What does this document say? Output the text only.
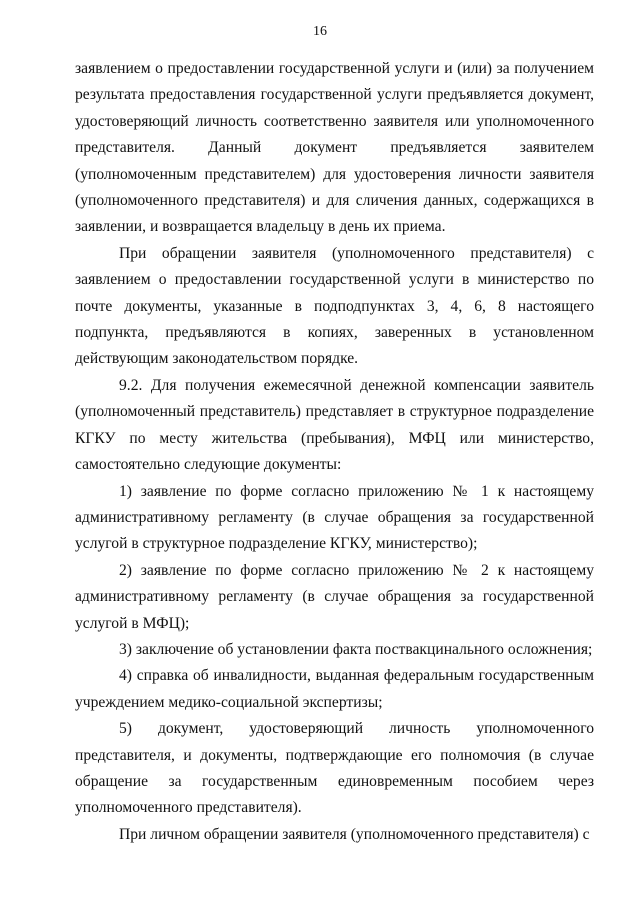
16

заявлением о предоставлении государственной услуги и (или) за получением результата предоставления государственной услуги предъявляется документ, удостоверяющий личность соответственно заявителя или уполномоченного представителя. Данный документ предъявляется заявителем (уполномоченным представителем) для удостоверения личности заявителя (уполномоченного представителя) и для сличения данных, содержащихся в заявлении, и возвращается владельцу в день их приема.

При обращении заявителя (уполномоченного представителя) с заявлением о предоставлении государственной услуги в министерство по почте документы, указанные в подподпунктах 3, 4, 6, 8 настоящего подпункта, предъявляются в копиях, заверенных в установленном действующим законодательством порядке.

9.2. Для получения ежемесячной денежной компенсации заявитель (уполномоченный представитель) представляет в структурное подразделение КГКУ по месту жительства (пребывания), МФЦ или министерство, самостоятельно следующие документы:

1) заявление по форме согласно приложению № 1 к настоящему административному регламенту (в случае обращения за государственной услугой в структурное подразделение КГКУ, министерство);

2) заявление по форме согласно приложению № 2 к настоящему административному регламенту (в случае обращения за государственной услугой в МФЦ);

3) заключение об установлении факта поствакцинального осложнения;

4) справка об инвалидности, выданная федеральным государственным учреждением медико-социальной экспертизы;

5) документ, удостоверяющий личность уполномоченного представителя, и документы, подтверждающие его полномочия (в случае обращение за государственным единовременным пособием через уполномоченного представителя).

При личном обращении заявителя (уполномоченного представителя) с
